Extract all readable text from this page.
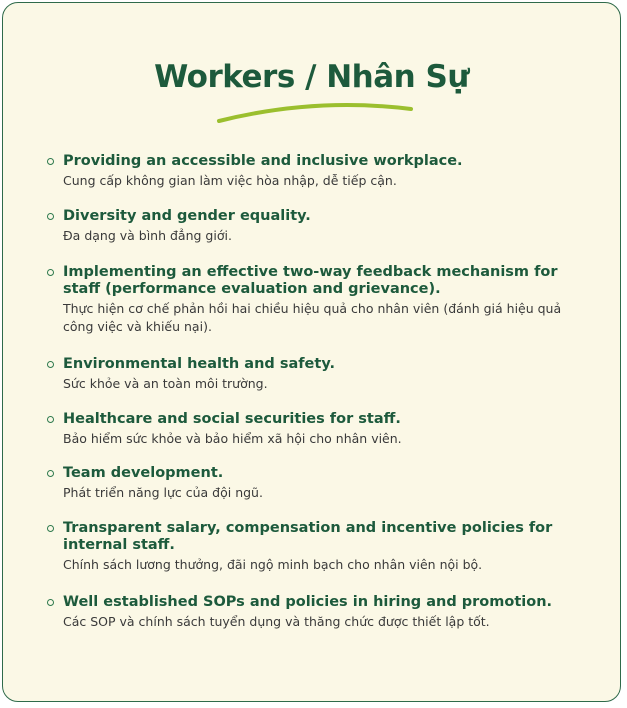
Workers / Nhân Sự
Providing an accessible and inclusive workplace.
Cung cấp không gian làm việc hòa nhập, dễ tiếp cận.
Diversity and gender equality.
Đa dạng và bình đẳng giới.
Implementing an effective two-way feedback mechanism for staff (performance evaluation and grievance).
Thực hiện cơ chế phản hồi hai chiều hiệu quả cho nhân viên (đánh giá hiệu quả công việc và khiếu nại).
Environmental health and safety.
Sức khỏe và an toàn môi trường.
Healthcare and social securities for staff.
Bảo hiểm sức khỏe và bảo hiểm xã hội cho nhân viên.
Team development.
Phát triển năng lực của đội ngũ.
Transparent salary, compensation and incentive policies for internal staff.
Chính sách lương thưởng, đãi ngộ minh bạch cho nhân viên nội bộ.
Well established SOPs and policies in hiring and promotion.
Các SOP và chính sách tuyển dụng và thăng chức được thiết lập tốt.
